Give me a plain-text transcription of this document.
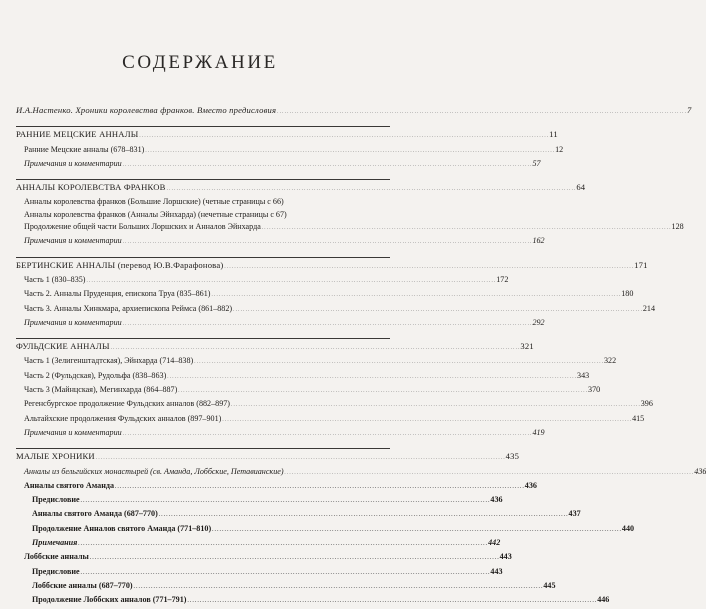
СОДЕРЖАНИЕ
И.А.Настенко. Хроники королевства франков. Вместо предисловия . . .	7
РАННИЕ МЕЦСКИЕ АННАЛЫ . . .	11
Ранние Мецские анналы (678–831) . . .	12
Примечания и комментарии . . .	57
АННАЛЫ КОРОЛЕВСТВА ФРАНКОВ . . .	64
Анналы королевства франков (Большие Лоршские) (четные страницы с 66)
Анналы королевства франков (Анналы Эйнхарда) (нечетные страницы с 67)
Продолжение общей части Больших Лоршских и Анналов Эйнхарда . . .	128
Примечания и комментарии . . .	162
БЕРТИНСКИЕ АННАЛЫ (перевод Ю.В.Фарафонова) . . .	171
Часть 1 (830–835) . . .	172
Часть 2. Анналы Пруденция, епископа Труа (835–861) . . .	180
Часть 3. Анналы Хинкмара, архиепископа Реймса (861–882) . . .	214
Примечания и комментарии . . .	292
ФУЛЬДСКИЕ АННАЛЫ . . .	321
Часть 1 (Зелигенштадтская), Эйнхарда (714–838) . . .	322
Часть 2 (Фульдская), Рудольфа (838–863) . . .	343
Часть 3 (Майнцская), Мегинхарда (864–887) . . .	370
Регенсбургское продолжение Фульдских анналов (882–897) . . .	396
Альтайхские продолжения Фульдских анналов (897–901) . . .	415
Примечания и комментарии . . .	419
МАЛЫЕ ХРОНИКИ . . .	435
Анналы из бельгийских монастырей (св. Аманда, Лоббские, Петавианские) . . .	436
Анналы святого Аманда . . .	436
Предисловие . . .	436
Анналы святого Аманда (687–770) . . .	437
Продолжение Анналов святого Аманда (771–810) . . .	440
Примечания . . .	442
Лоббские анналы . . .	443
Предисловие . . .	443
Лоббские анналы (687–770) . . .	445
Продолжение Лоббских анналов (771–791) . . .	446
